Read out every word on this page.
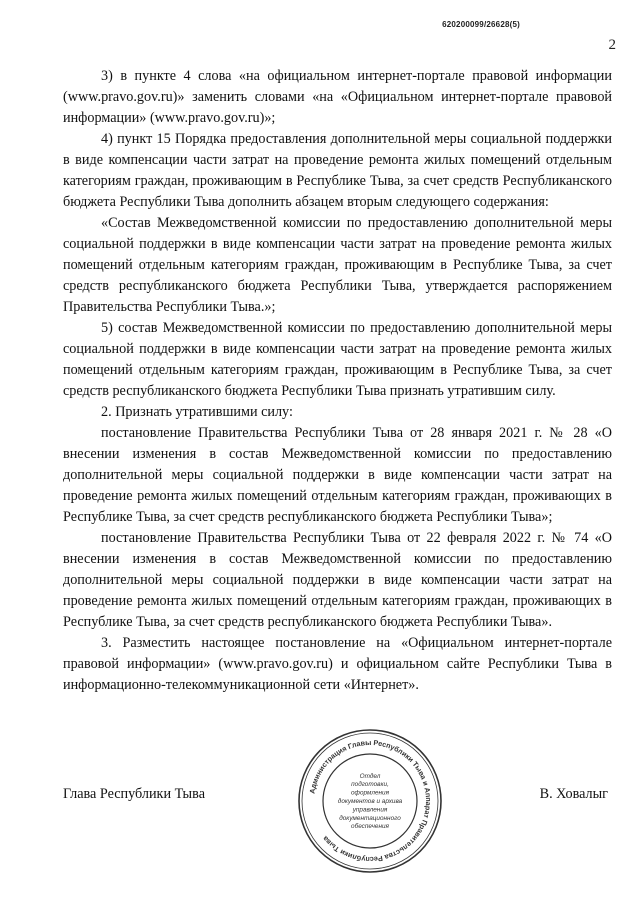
620200099/26628(5)
2

3) в пункте 4 слова «на официальном интернет-портале правовой информации (www.pravo.gov.ru)» заменить словами «на «Официальном интернет-портале правовой информации» (www.pravo.gov.ru)»;

4) пункт 15 Порядка предоставления дополнительной меры социальной поддержки в виде компенсации части затрат на проведение ремонта жилых помещений отдельным категориям граждан, проживающим в Республике Тыва, за счет средств Республиканского бюджета Республики Тыва дополнить абзацем вторым следующего содержания:

«Состав Межведомственной комиссии по предоставлению дополнительной меры социальной поддержки в виде компенсации части затрат на проведение ремонта жилых помещений отдельным категориям граждан, проживающим в Республике Тыва, за счет средств республиканского бюджета Республики Тыва, утверждается распоряжением Правительства Республики Тыва.»;

5) состав Межведомственной комиссии по предоставлению дополнительной меры социальной поддержки в виде компенсации части затрат на проведение ремонта жилых помещений отдельным категориям граждан, проживающим в Республике Тыва, за счет средств республиканского бюджета Республики Тыва признать утратившим силу.

2. Признать утратившими силу:

постановление Правительства Республики Тыва от 28 января 2021 г. № 28 «О внесении изменения в состав Межведомственной комиссии по предоставлению дополнительной меры социальной поддержки в виде компенсации части затрат на проведение ремонта жилых помещений отдельным категориям граждан, проживающих в Республике Тыва, за счет средств республиканского бюджета Республики Тыва»;

постановление Правительства Республики Тыва от 22 февраля 2022 г. № 74 «О внесении изменения в состав Межведомственной комиссии по предоставлению дополнительной меры социальной поддержки в виде компенсации части затрат на проведение ремонта жилых помещений отдельным категориям граждан, проживающих в Республике Тыва, за счет средств республиканского бюджета Республики Тыва».

3. Разместить настоящее постановление на «Официальном интернет-портале правовой информации» (www.pravo.gov.ru) и официальном сайте Республики Тыва в информационно-телекоммуникационной сети «Интернет».

Глава Республики Тывa	В. Ховалыг
Администрация Главы Республики Тыва и Аппарат Правительства Республики Тыва
Отдел
подготовки,
оформления
документов и архива
управления
документационного
обеспечения
